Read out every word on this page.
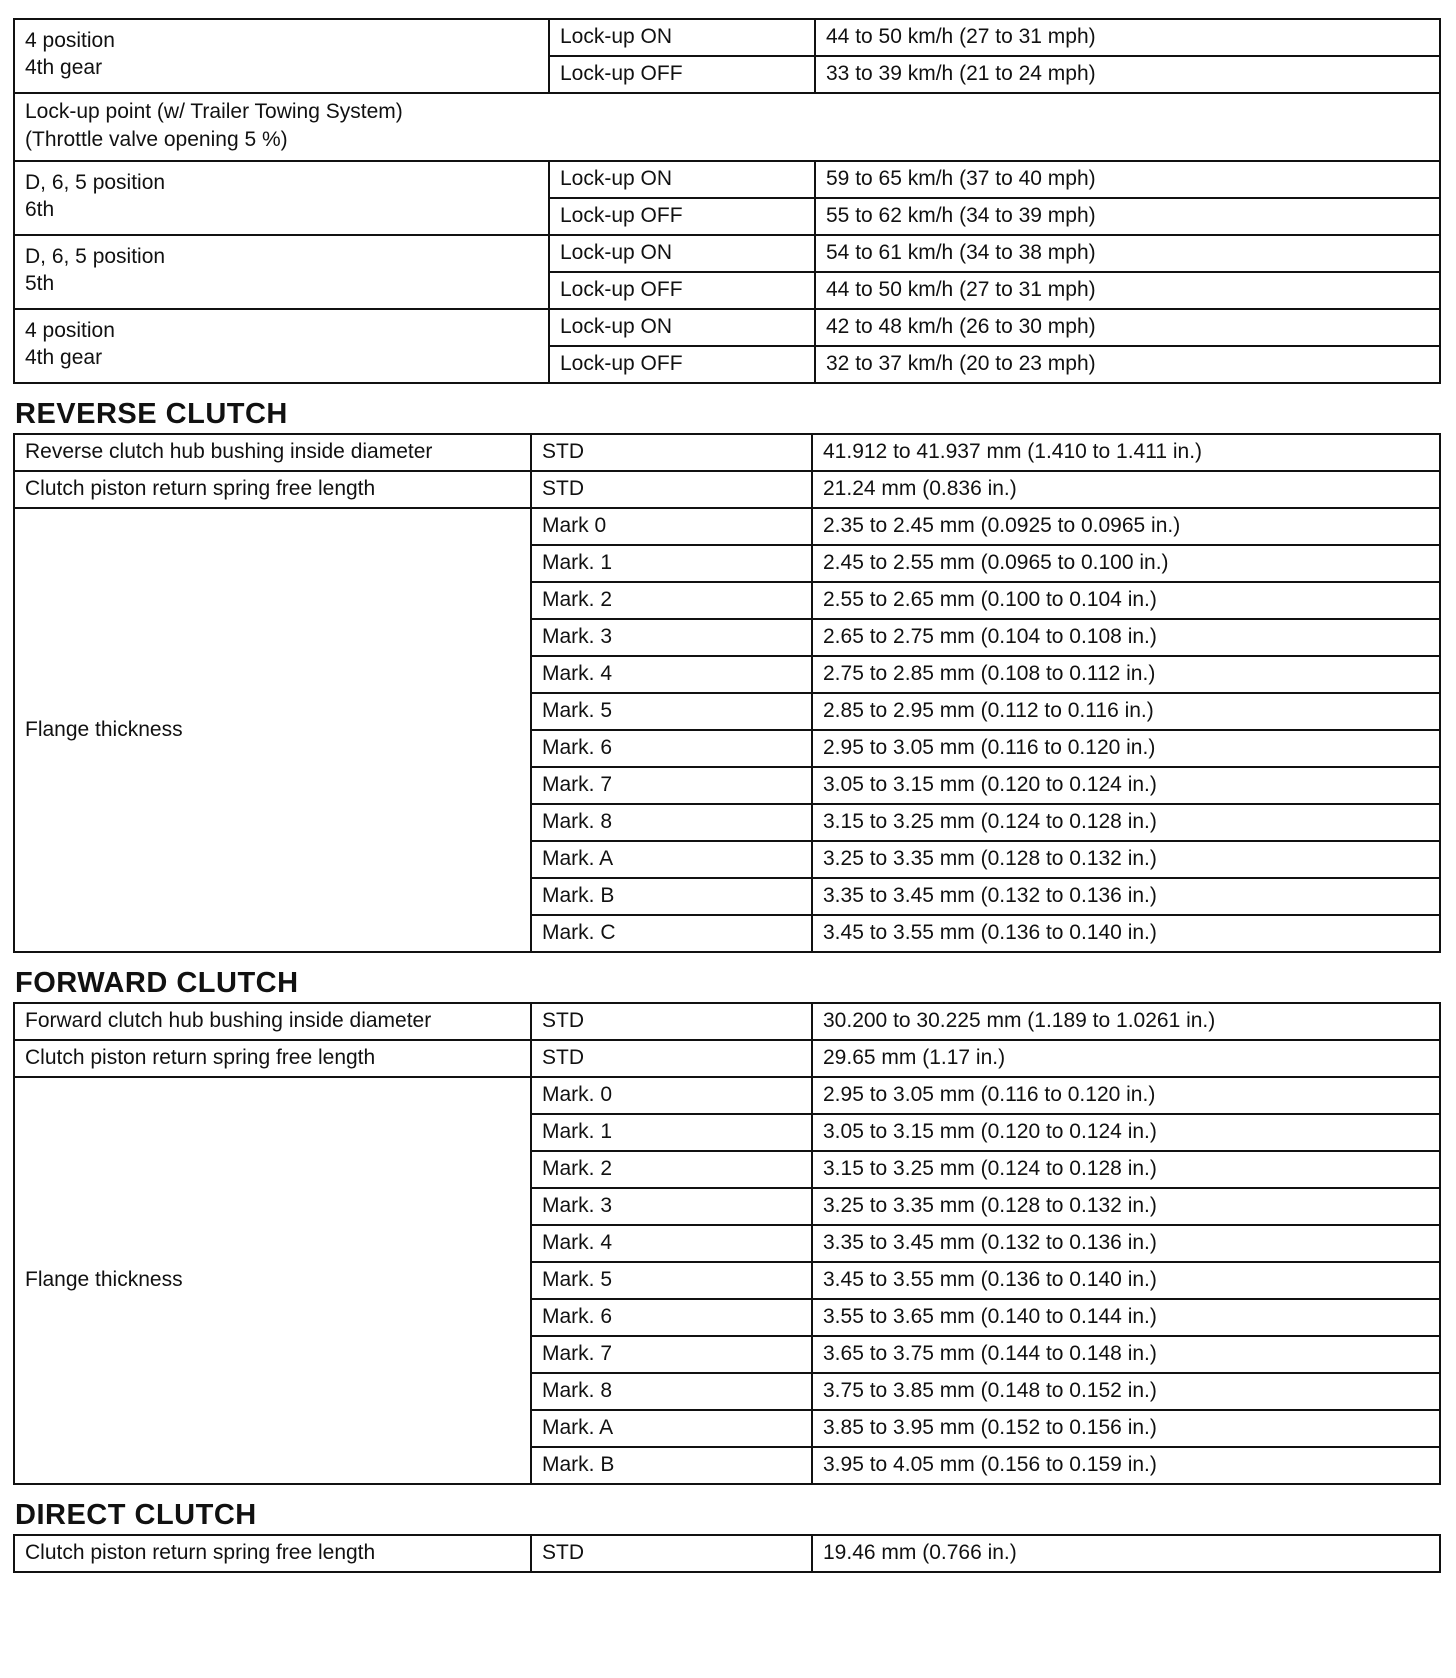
4 position
4th gear	Lock-up ON	44 to 50 km/h (27 to 31 mph)
	Lock-up OFF	33 to 39 km/h (21 to 24 mph)

Lock-up point (w/ Trailer Towing System)
(Throttle valve opening 5 %)		

D, 6, 5 position
6th	Lock-up ON	59 to 65 km/h (37 to 40 mph)
	Lock-up OFF	55 to 62 km/h (34 to 39 mph)

D, 6, 5 position
5th	Lock-up ON	54 to 61 km/h (34 to 38 mph)
	Lock-up OFF	44 to 50 km/h (27 to 31 mph)

4 position
4th gear	Lock-up ON	42 to 48 km/h (26 to 30 mph)
	Lock-up OFF	32 to 37 km/h (20 to 23 mph)
REVERSE CLUTCH
Reverse clutch hub bushing inside diameter	STD	41.912 to 41.937 mm (1.410 to 1.411 in.)
Clutch piston return spring free length	STD	21.24 mm (0.836 in.)
Flange thickness	Mark 0	2.35 to 2.45 mm (0.0925 to 0.0965 in.)
	Mark. 1	2.45 to 2.55 mm (0.0965 to 0.100 in.)
	Mark. 2	2.55 to 2.65 mm (0.100 to 0.104 in.)
	Mark. 3	2.65 to 2.75 mm (0.104 to 0.108 in.)
	Mark. 4	2.75 to 2.85 mm (0.108 to 0.112 in.)
	Mark. 5	2.85 to 2.95 mm (0.112 to 0.116 in.)
	Mark. 6	2.95 to 3.05 mm (0.116 to 0.120 in.)
	Mark. 7	3.05 to 3.15 mm (0.120 to 0.124 in.)
	Mark. 8	3.15 to 3.25 mm (0.124 to 0.128 in.)
	Mark. A	3.25 to 3.35 mm (0.128 to 0.132 in.)
	Mark. B	3.35 to 3.45 mm (0.132 to 0.136 in.)
	Mark. C	3.45 to 3.55 mm (0.136 to 0.140 in.)
FORWARD CLUTCH
Forward clutch hub bushing inside diameter	STD	30.200 to 30.225 mm (1.189 to 1.0261 in.)
Clutch piston return spring free length	STD	29.65 mm (1.17 in.)
Flange thickness	Mark. 0	2.95 to 3.05 mm (0.116 to 0.120 in.)
	Mark. 1	3.05 to 3.15 mm (0.120 to 0.124 in.)
	Mark. 2	3.15 to 3.25 mm (0.124 to 0.128 in.)
	Mark. 3	3.25 to 3.35 mm (0.128 to 0.132 in.)
	Mark. 4	3.35 to 3.45 mm (0.132 to 0.136 in.)
	Mark. 5	3.45 to 3.55 mm (0.136 to 0.140 in.)
	Mark. 6	3.55 to 3.65 mm (0.140 to 0.144 in.)
	Mark. 7	3.65 to 3.75 mm (0.144 to 0.148 in.)
	Mark. 8	3.75 to 3.85 mm (0.148 to 0.152 in.)
	Mark. A	3.85 to 3.95 mm (0.152 to 0.156 in.)
	Mark. B	3.95 to 4.05 mm (0.156 to 0.159 in.)
DIRECT CLUTCH
Clutch piston return spring free length	STD	19.46 mm (0.766 in.)
